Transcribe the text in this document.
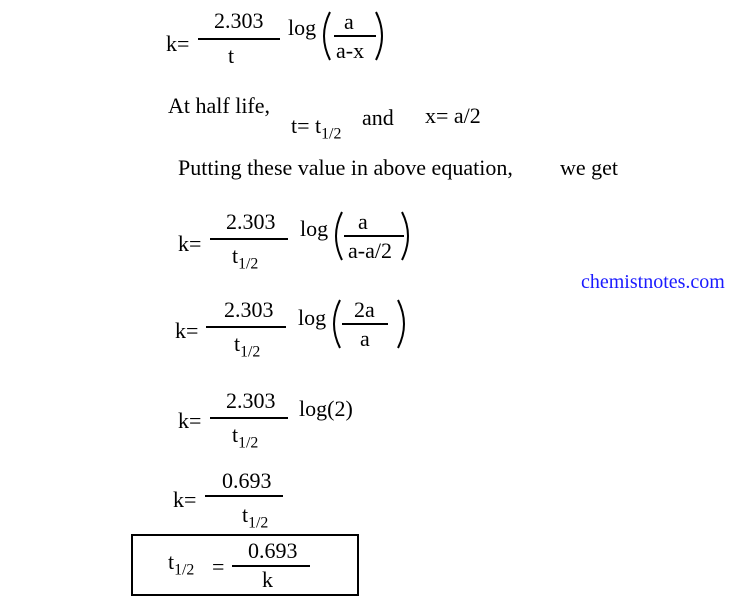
k=
2.303
t
log a
a-x
At half life,
$t= t_{1/2}$
and x= a/2
Putting these value in above equation, we get
chemistnotes.com
k=
2.303
$t_{1/2}$
log a
a-a/2
k=
2.303
$t_{1/2}$
log 2a
a
k=
2.303
$t_{1/2}$
log(2)
k=
0.693
$t_{1/2}$
$t_{1/2}$ =
0.693
k
